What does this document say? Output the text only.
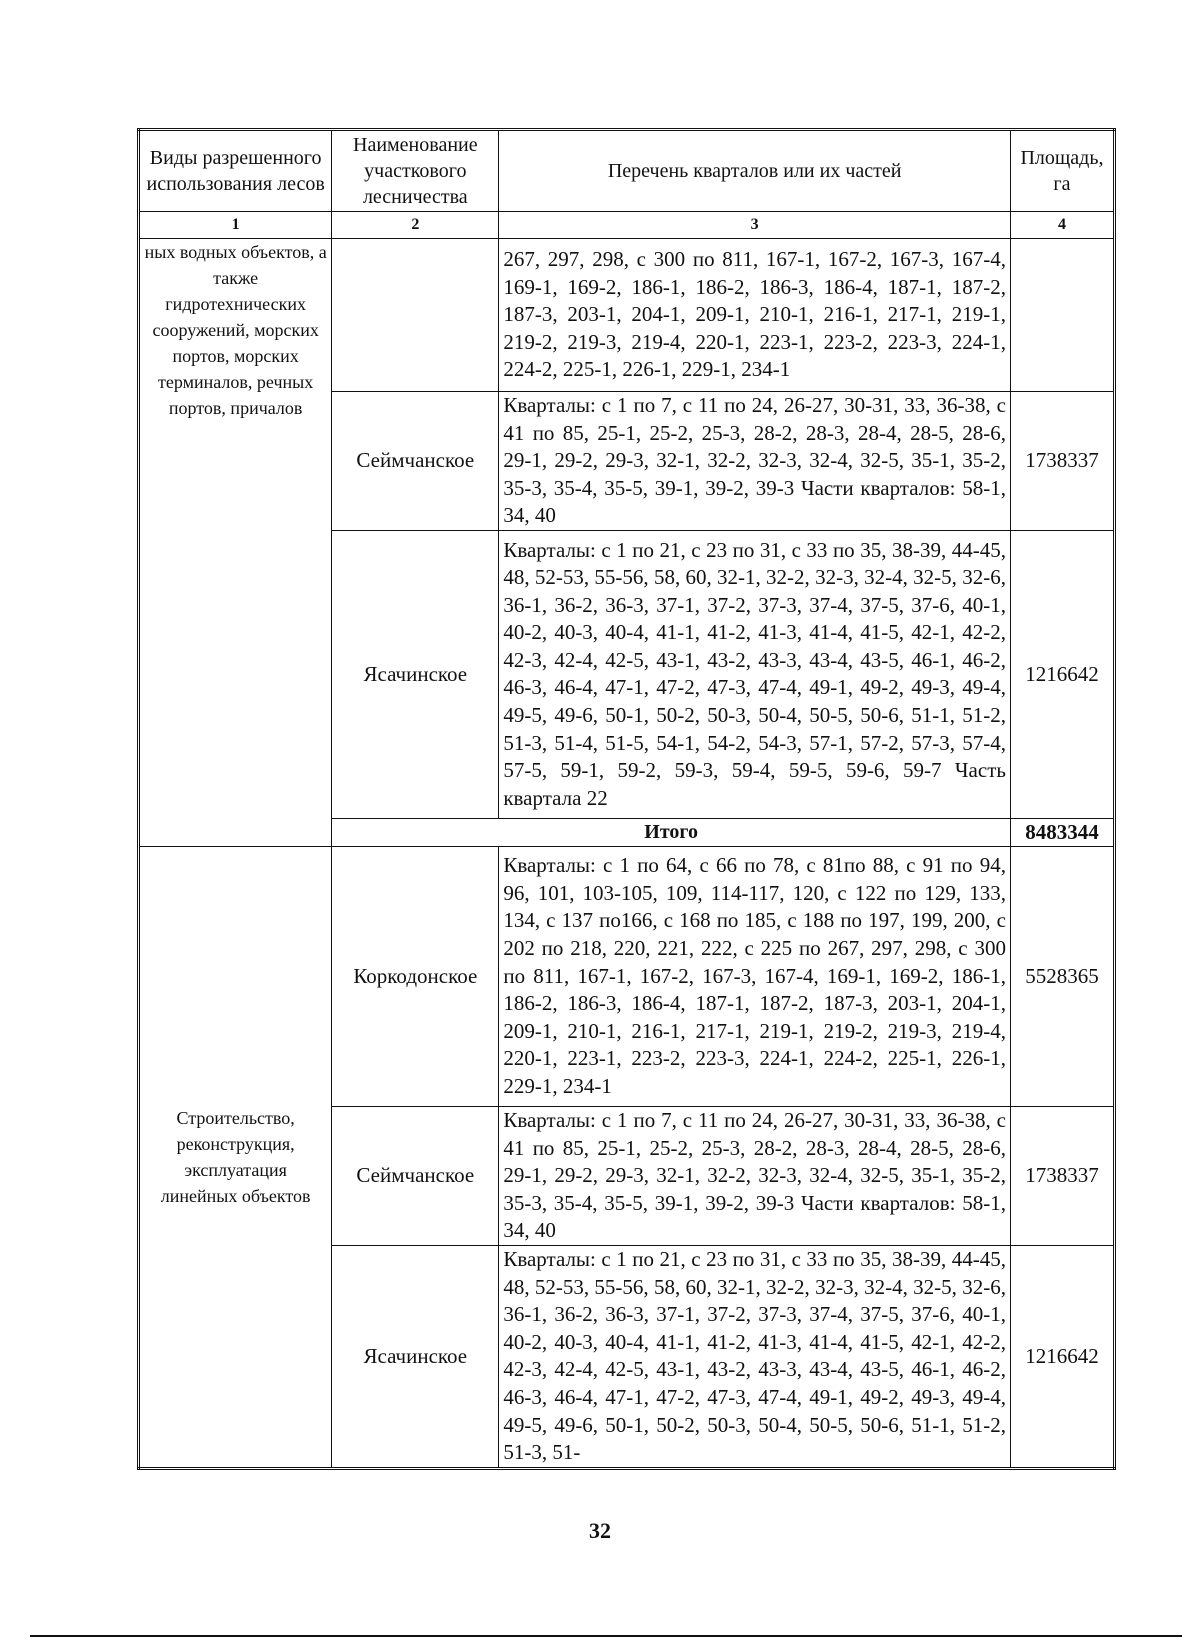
Виды разрешенного использования лесов	Наименование участкового лесничества	Перечень кварталов или их частей	Площадь, га
1	2	3	4
ных водных объектов, а также гидротехнических сооружений, морских портов, морских терминалов, речных портов, причалов		267, 297, 298, с 300 по 811, 167-1, 167-2, 167-3, 167-4, 169-1, 169-2, 186-1, 186-2, 186-3, 186-4, 187-1, 187-2, 187-3, 203-1, 204-1, 209-1, 210-1, 216-1, 217-1, 219-1, 219-2, 219-3, 219-4, 220-1, 223-1, 223-2, 223-3, 224-1, 224-2, 225-1, 226-1, 229-1, 234-1	
	Сеймчанское	Кварталы: с 1 по 7, с 11 по 24, 26-27, 30-31, 33, 36-38, с 41 по 85, 25-1, 25-2, 25-3, 28-2, 28-3, 28-4, 28-5, 28-6, 29-1, 29-2, 29-3, 32-1, 32-2, 32-3, 32-4, 32-5, 35-1, 35-2, 35-3, 35-4, 35-5, 39-1, 39-2, 39-3 Части кварталов: 58-1, 34, 40	1738337
	Ясачинское	Кварталы: с 1 по 21, с 23 по 31, с 33 по 35, 38-39, 44-45, 48, 52-53, 55-56, 58, 60, 32-1, 32-2, 32-3, 32-4, 32-5, 32-6, 36-1, 36-2, 36-3, 37-1, 37-2, 37-3, 37-4, 37-5, 37-6, 40-1, 40-2, 40-3, 40-4, 41-1, 41-2, 41-3, 41-4, 41-5, 42-1, 42-2, 42-3, 42-4, 42-5, 43-1, 43-2, 43-3, 43-4, 43-5, 46-1, 46-2, 46-3, 46-4, 47-1, 47-2, 47-3, 47-4, 49-1, 49-2, 49-3, 49-4, 49-5, 49-6, 50-1, 50-2, 50-3, 50-4, 50-5, 50-6, 51-1, 51-2, 51-3, 51-4, 51-5, 54-1, 54-2, 54-3, 57-1, 57-2, 57-3, 57-4, 57-5, 59-1, 59-2, 59-3, 59-4, 59-5, 59-6, 59-7 Часть квартала 22	1216642
	Итого		8483344
Строительство, реконструкция, эксплуатация линейных объектов	Коркодонское	Кварталы: с 1 по 64, с 66 по 78, с 81по 88, с 91 по 94, 96, 101, 103-105, 109, 114-117, 120, с 122 по 129, 133, 134, с 137 по166, с 168 по 185, с 188 по 197, 199, 200, с 202 по 218, 220, 221, 222, с 225 по 267, 297, 298, с 300 по 811, 167-1, 167-2, 167-3, 167-4, 169-1, 169-2, 186-1, 186-2, 186-3, 186-4, 187-1, 187-2, 187-3, 203-1, 204-1, 209-1, 210-1, 216-1, 217-1, 219-1, 219-2, 219-3, 219-4, 220-1, 223-1, 223-2, 223-3, 224-1, 224-2, 225-1, 226-1, 229-1, 234-1	5528365
	Сеймчанское	Кварталы: с 1 по 7, с 11 по 24, 26-27, 30-31, 33, 36-38, с 41 по 85, 25-1, 25-2, 25-3, 28-2, 28-3, 28-4, 28-5, 28-6, 29-1, 29-2, 29-3, 32-1, 32-2, 32-3, 32-4, 32-5, 35-1, 35-2, 35-3, 35-4, 35-5, 39-1, 39-2, 39-3 Части кварталов: 58-1, 34, 40	1738337
	Ясачинское	Кварталы: с 1 по 21, с 23 по 31, с 33 по 35, 38-39, 44-45, 48, 52-53, 55-56, 58, 60, 32-1, 32-2, 32-3, 32-4, 32-5, 32-6, 36-1, 36-2, 36-3, 37-1, 37-2, 37-3, 37-4, 37-5, 37-6, 40-1, 40-2, 40-3, 40-4, 41-1, 41-2, 41-3, 41-4, 41-5, 42-1, 42-2, 42-3, 42-4, 42-5, 43-1, 43-2, 43-3, 43-4, 43-5, 46-1, 46-2, 46-3, 46-4, 47-1, 47-2, 47-3, 47-4, 49-1, 49-2, 49-3, 49-4, 49-5, 49-6, 50-1, 50-2, 50-3, 50-4, 50-5, 50-6, 51-1, 51-2, 51-3, 51-	1216642
32
